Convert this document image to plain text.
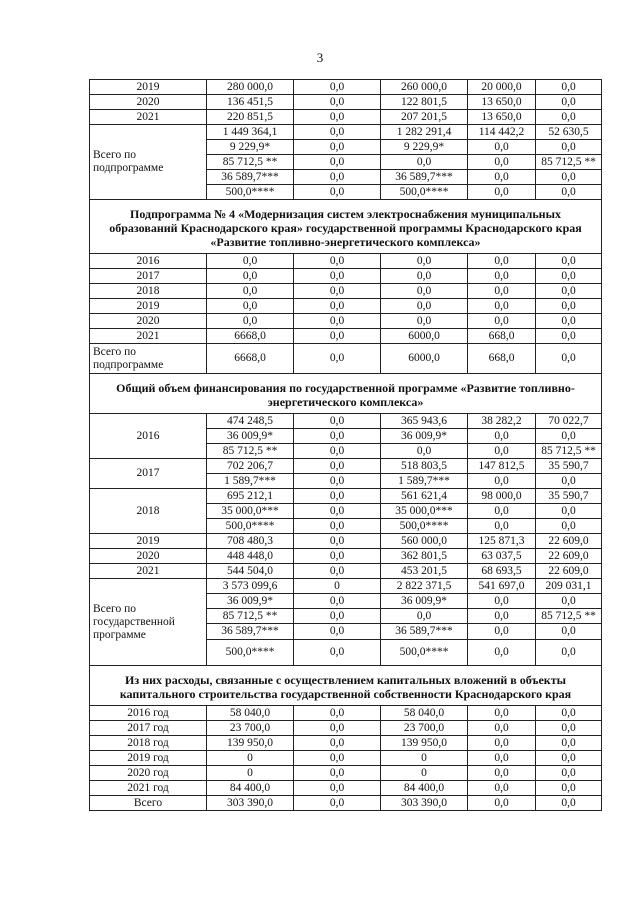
3
2019	280 000,0	0,0	260 000,0	20 000,0	0,0
2020	136 451,5	0,0	122 801,5	13 650,0	0,0
2021	220 851,5	0,0	207 201,5	13 650,0	0,0
Всего по подпрограмме	1 449 364,1	0,0	1 282 291,4	114 442,2	52 630,5
	9 229,9*	0,0	9 229,9*	0,0	0,0
	85 712,5 **	0,0	0,0	0,0	85 712,5 **
	36 589,7***	0,0	36 589,7***	0,0	0,0
	500,0****	0,0	500,0****	0,0	0,0
Подпрограмма № 4 «Модернизация систем электроснабжения муниципальных образований Краснодарского края» государственной программы Краснодарского края «Развитие топливно-энергетического комплекса»					
2016	0,0	0,0	0,0	0,0	0,0
2017	0,0	0,0	0,0	0,0	0,0
2018	0,0	0,0	0,0	0,0	0,0
2019	0,0	0,0	0,0	0,0	0,0
2020	0,0	0,0	0,0	0,0	0,0
2021	6668,0	0,0	6000,0	668,0	0,0
Всего по подпрограмме	6668,0	0,0	6000,0	668,0	0,0
Общий объем финансирования по государственной программе «Развитие топливно-энергетического комплекса»					
2016	474 248,5	0,0	365 943,6	38 282,2	70 022,7
	36 009,9*	0,0	36 009,9*	0,0	0,0
	85 712,5 **	0,0	0,0	0,0	85 712,5 **
2017	702 206,7	0,0	518 803,5	147 812,5	35 590,7
	1 589,7***	0,0	1 589,7***	0,0	0,0
2018	695 212,1	0,0	561 621,4	98 000,0	35 590,7
	35 000,0***	0,0	35 000,0***	0,0	0,0
	500,0****	0,0	500,0****	0,0	0,0
2019	708 480,3	0,0	560 000,0	125 871,3	22 609,0
2020	448 448,0	0,0	362 801,5	63 037,5	22 609,0
2021	544 504,0	0,0	453 201,5	68 693,5	22 609,0
Всего по государственной программе	3 573 099,6	0	2 822 371,5	541 697,0	209 031,1
	36 009,9*	0,0	36 009,9*	0,0	0,0
	85 712,5 **	0,0	0,0	0,0	85 712,5 **
	36 589,7***	0,0	36 589,7***	0,0	0,0
	500,0****	0,0	500,0****	0,0	0,0
Из них расходы, связанные с осуществлением капитальных вложений в объекты капитального строительства государственной собственности Краснодарского края					
2016 год	58 040,0	0,0	58 040,0	0,0	0,0
2017 год	23 700,0	0,0	23 700,0	0,0	0,0
2018 год	139 950,0	0,0	139 950,0	0,0	0,0
2019 год	0	0,0	0	0,0	0,0
2020 год	0	0,0	0	0,0	0,0
2021 год	84 400,0	0,0	84 400,0	0,0	0,0
Всего	303 390,0	0,0	303 390,0	0,0	0,0
